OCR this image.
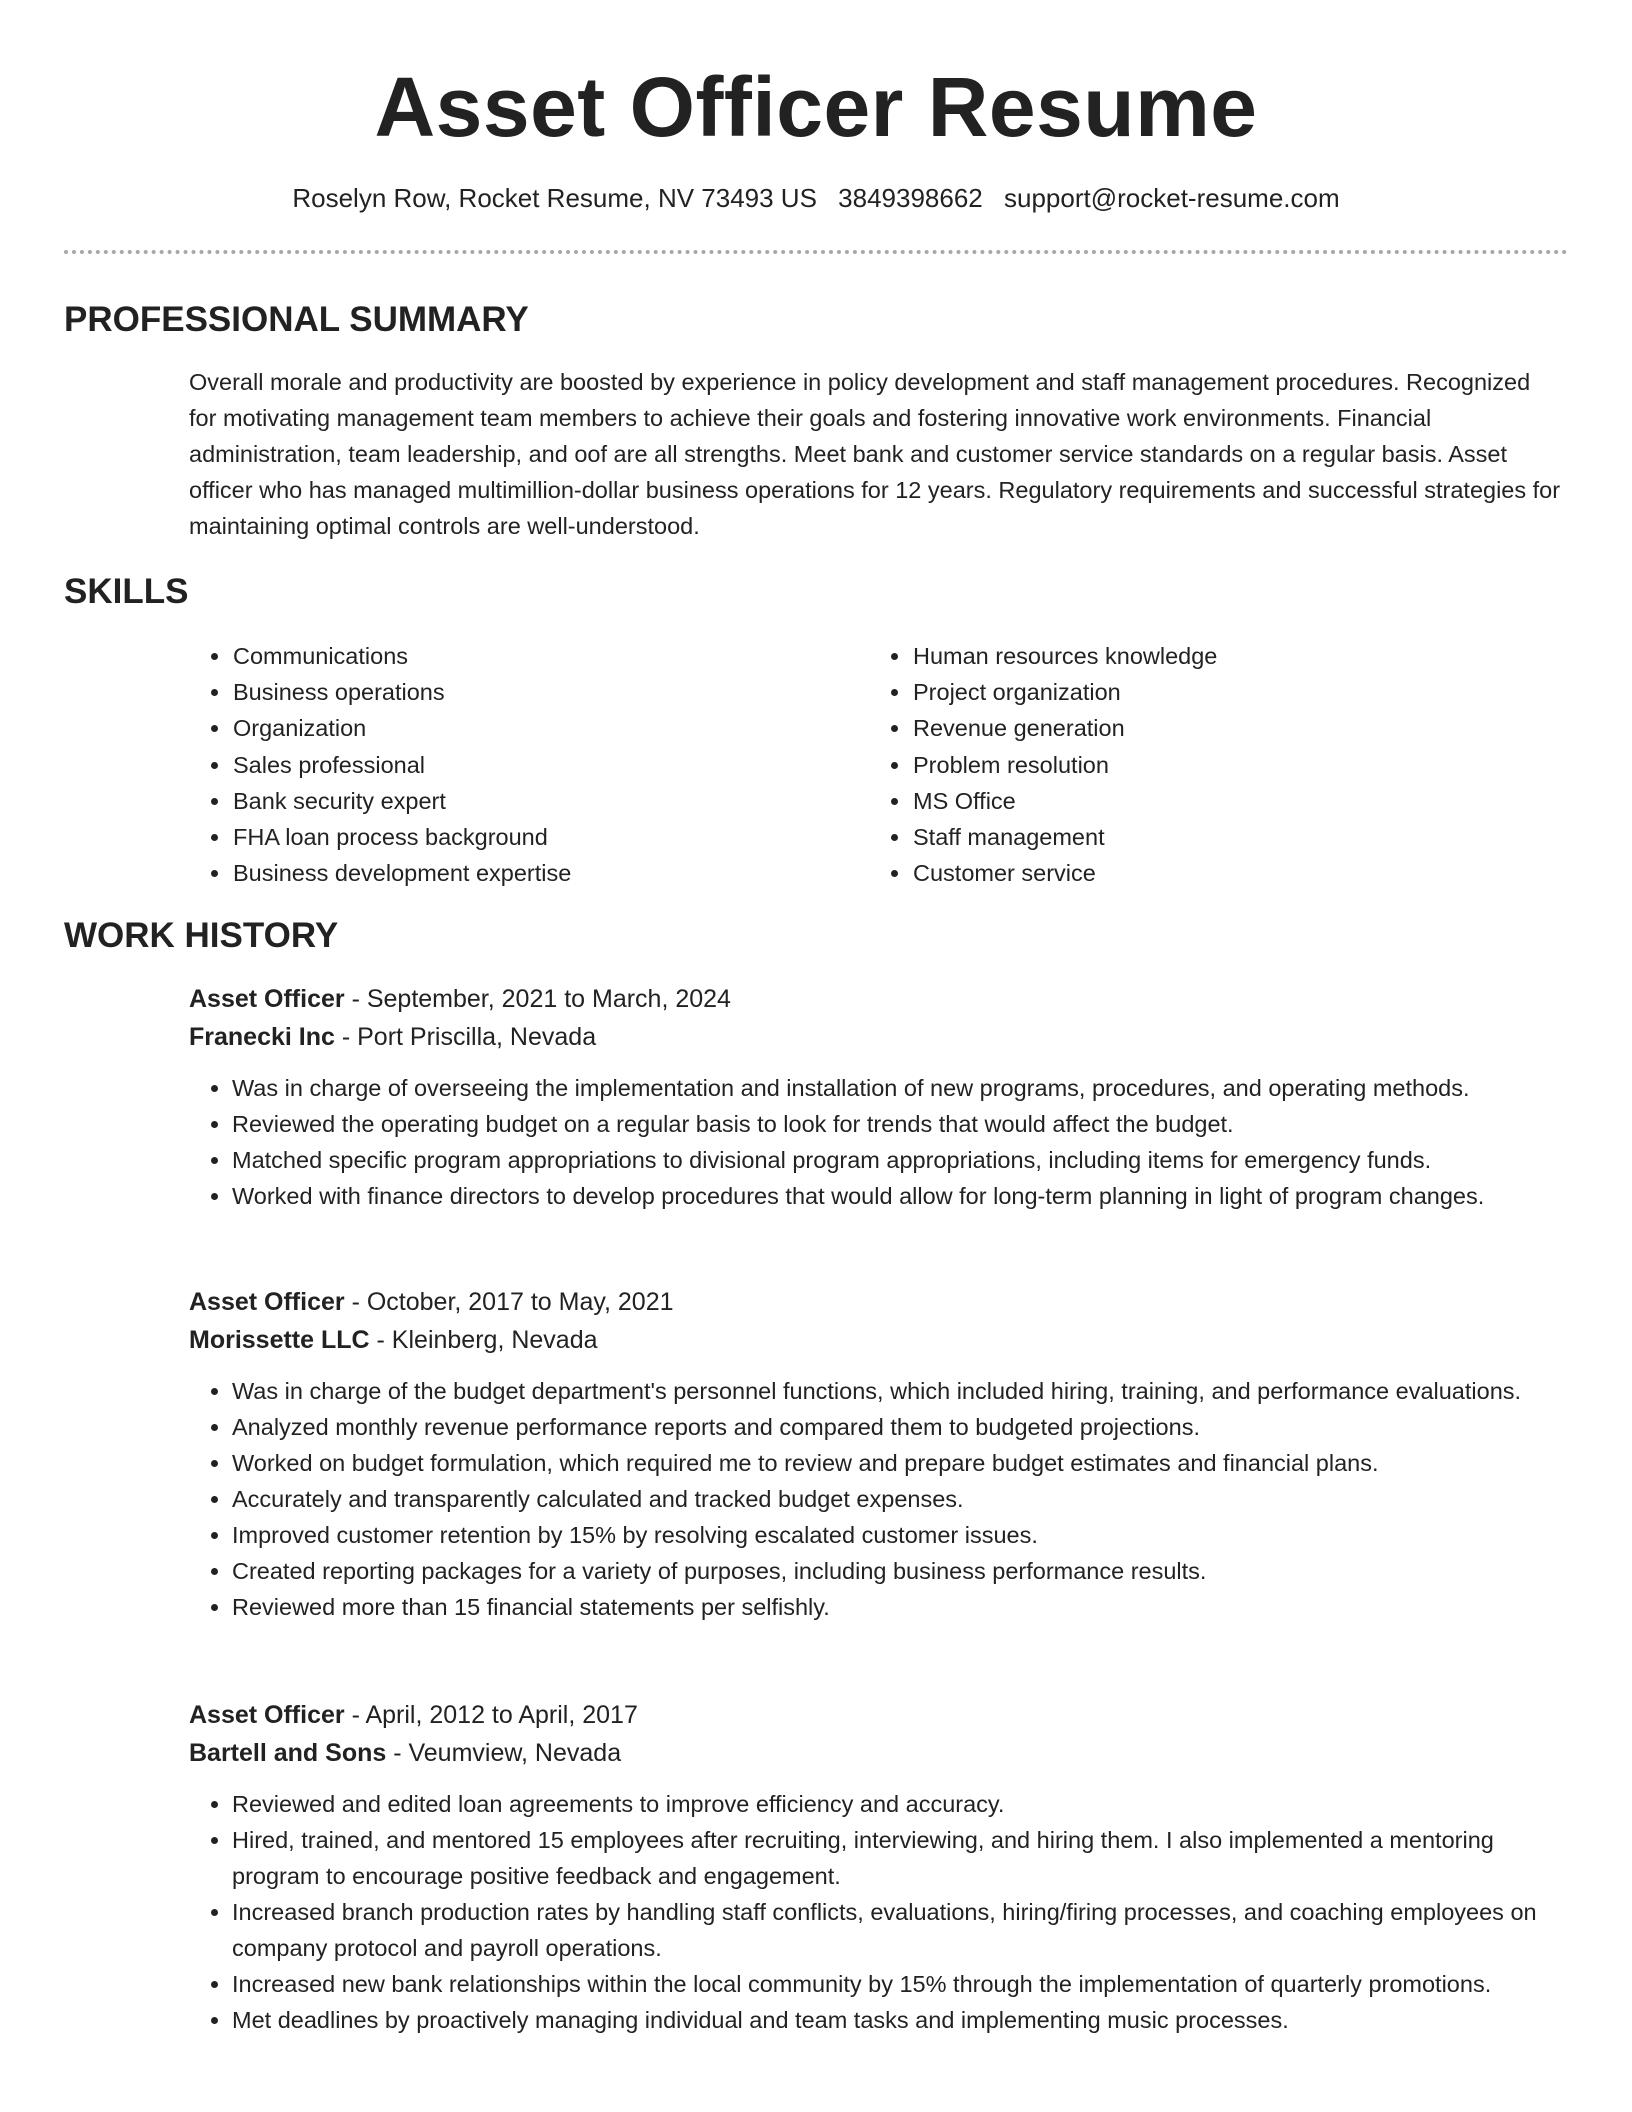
Asset Officer Resume
Roselyn Row, Rocket Resume, NV 73493 US 3849398662 support@rocket-resume.com
PROFESSIONAL SUMMARY

Overall morale and productivity are boosted by experience in policy development and staff management procedures. Recognized for motivating management team members to achieve their goals and fostering innovative work environments. Financial administration, team leadership, and oof are all strengths. Meet bank and customer service standards on a regular basis. Asset officer who has managed multimillion-dollar business operations for 12 years. Regulatory requirements and successful strategies for maintaining optimal controls are well-understood.

SKILLS
• Communications
• Business operations
• Organization
• Sales professional
• Bank security expert
• FHA loan process background
• Business development expertise
• Human resources knowledge
• Project organization
• Revenue generation
• Problem resolution
• MS Office
• Staff management
• Customer service
WORK HISTORY

Asset Officer - September, 2021 to March, 2024

Franecki Inc - Port Priscilla, Nevada

• Was in charge of overseeing the implementation and installation of new programs, procedures, and operating methods.
• Reviewed the operating budget on a regular basis to look for trends that would affect the budget.
• Matched specific program appropriations to divisional program appropriations, including items for emergency funds.
• Worked with finance directors to develop procedures that would allow for long-term planning in light of program changes.

Asset Officer - October, 2017 to May, 2021

Morissette LLC - Kleinberg, Nevada

• Was in charge of the budget department's personnel functions, which included hiring, training, and performance evaluations.
• Analyzed monthly revenue performance reports and compared them to budgeted projections.
• Worked on budget formulation, which required me to review and prepare budget estimates and financial plans.
• Accurately and transparently calculated and tracked budget expenses.
• Improved customer retention by 15% by resolving escalated customer issues.
• Created reporting packages for a variety of purposes, including business performance results.
• Reviewed more than 15 financial statements per selfishly.

Asset Officer - April, 2012 to April, 2017

Bartell and Sons - Veumview, Nevada

• Reviewed and edited loan agreements to improve efficiency and accuracy.
• Hired, trained, and mentored 15 employees after recruiting, interviewing, and hiring them. I also implemented a mentoring program to encourage positive feedback and engagement.
• Increased branch production rates by handling staff conflicts, evaluations, hiring/firing processes, and coaching employees on company protocol and payroll operations.
• Increased new bank relationships within the local community by 15% through the implementation of quarterly promotions.
• Met deadlines by proactively managing individual and team tasks and implementing music processes.
